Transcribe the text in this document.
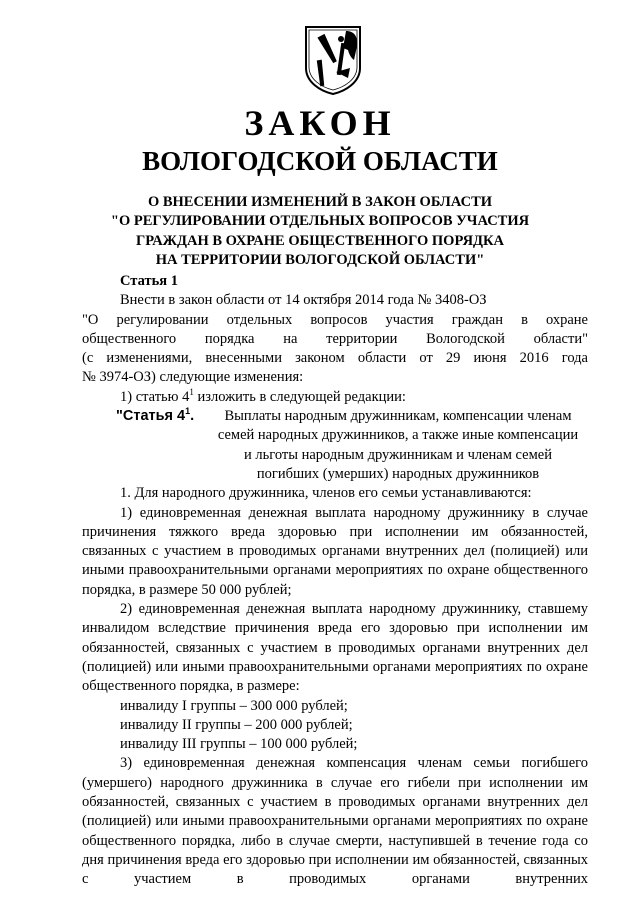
ЗАКОН
ВОЛОГОДСКОЙ ОБЛАСТИ
О ВНЕСЕНИИ ИЗМЕНЕНИЙ В ЗАКОН ОБЛАСТИ
"О РЕГУЛИРОВАНИИ ОТДЕЛЬНЫХ ВОПРОСОВ УЧАСТИЯ
ГРАЖДАН В ОХРАНЕ ОБЩЕСТВЕННОГО ПОРЯДКА
НА ТЕРРИТОРИИ ВОЛОГОДСКОЙ ОБЛАСТИ"
Статья 1
Внести в закон области от 14 октября 2014 года № 3408-ОЗ
"О регулировании отдельных вопросов участия граждан в охране
общественного порядка на территории Вологодской области"
(с изменениями, внесенными законом области от 29 июня 2016 года
№ 3974-ОЗ) следующие изменения:
1) статью $4^1$ изложить в следующей редакции:
"Статья $4^1$.	Выплаты народным дружинникам, компенсации членам
семей народных дружинников, а также иные компенсации
и льготы народным дружинникам и членам семей
погибших (умерших) народных дружинников
1. Для народного дружинника, членов его семьи устанавливаются:
1) единовременная денежная выплата народному дружиннику в случае причинения тяжкого вреда здоровью при исполнении им обязанностей, связанных с участием в проводимых органами внутренних дел (полицией) или иными правоохранительными органами мероприятиях по охране общественного порядка, в размере 50 000 рублей;
2) единовременная денежная выплата народному дружиннику, ставшему инвалидом вследствие причинения вреда его здоровью при исполнении им обязанностей, связанных с участием в проводимых органами внутренних дел (полицией) или иными правоохранительными органами мероприятиях по охране общественного порядка, в размере:
инвалиду I группы – 300 000 рублей;
инвалиду II группы – 200 000 рублей;
инвалиду III группы – 100 000 рублей;
3) единовременная денежная компенсация членам семьи погибшего (умершего) народного дружинника в случае его гибели при исполнении им обязанностей, связанных с участием в проводимых органами внутренних дел (полицией) или иными правоохранительными органами мероприятиях по охране общественного порядка, либо в случае смерти, наступившей в течение года со дня причинения вреда его здоровью при исполнении им обязанностей, связанных с участием в проводимых органами внутренних
